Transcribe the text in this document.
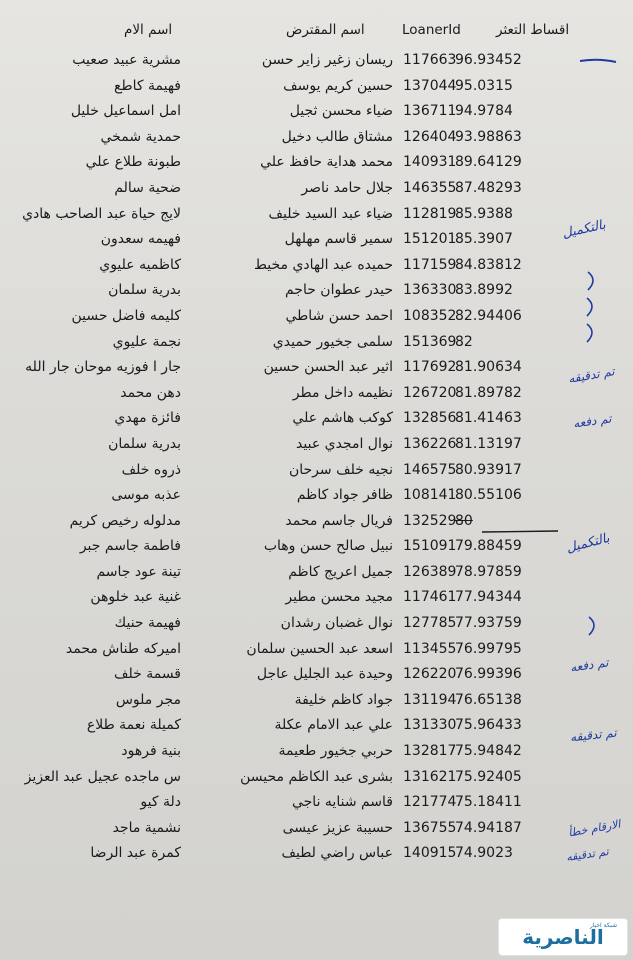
اقساط التعثر
LoanerId
اسم المقترض
اسم الام
96.93452
117663
ريسان زغير زاير حسن
مشرية عبيد صعيب
95.0315
137044
حسين كريم يوسف
فهيمة كاطع
94.9784
136711
ضياء محسن ثجيل
امل اسماعيل خليل
93.98863
126404
مشتاق طالب دخيل
حمدية شمخي
89.64129
140931
محمد هداية حافظ علي
طبونة طلاع علي
87.48293
146355
جلال حامد ناصر
ضحية سالم
85.9388
112819
ضياء عبد السيد خليف
لايج حياة عبد الصاحب هادي
85.3907
151201
سمير قاسم مهلهل
فهيمه سعدون
84.83812
117159
حميده عبد الهادي مخيط
كاظميه عليوي
83.8992
136330
حيدر عطوان حاجم
بدرية سلمان
82.94406
108352
احمد حسن شاطي
كليمه فاضل حسين
82
151369
سلمى جخيور حميدي
نجمة عليوي
81.90634
117692
اثير عبد الحسن حسين
جار ا فوزيه موحان جار الله
81.89782
126720
نظيمه داخل مطر
دهن محمد
81.41463
132856
كوكب هاشم علي
فائزة مهدي
81.13197
136226
نوال امجدي عبيد
بدرية سلمان
80.93917
146575
نجيه خلف سرحان
ذروه خلف
80.55106
108141
ظافر جواد كاظم
عذبه موسى
80
132529
فريال جاسم محمد
مدلوله رخيص كريم
79.88459
151091
نبيل صالح حسن وهاب
فاطمة جاسم جبر
78.97859
126389
جميل اعريج كاظم
تينة عود جاسم
77.94344
117461
مجيد محسن مطير
غنية عبد خلوهن
77.93759
127785
نوال غضبان رشدان
فهيمة حنيك
76.99795
113455
اسعد عبد الحسين سلمان
اميركه طناش محمد
76.99396
126220
وحيدة عبد الجليل عاجل
قسمة خلف
76.65138
131194
جواد كاظم خليفة
مجر ملوس
75.96433
131330
علي عبد الامام عكلة
كميلة نعمة طلاع
75.94842
132817
حربي جخيور طعيمة
بنية فرهود
75.92405
131621
بشرى عبد الكاظم محيسن
س ماجده عجيل عبد العزيز
75.18411
121774
قاسم شنايه ناجي
دلة كيو
74.94187
136755
حسيبة عزيز عيسى
نشمية ماجد
74.9023
140915
عباس راضي لطيف
كمرة عبد الرضا
بالتكميل
تم تدقيقه
تم دفعه
بالتكميل
تم دفعه
تم تدقيقه
الارقام خطأ
تم تدقيقه
شبكة اخبار
الناصرية
